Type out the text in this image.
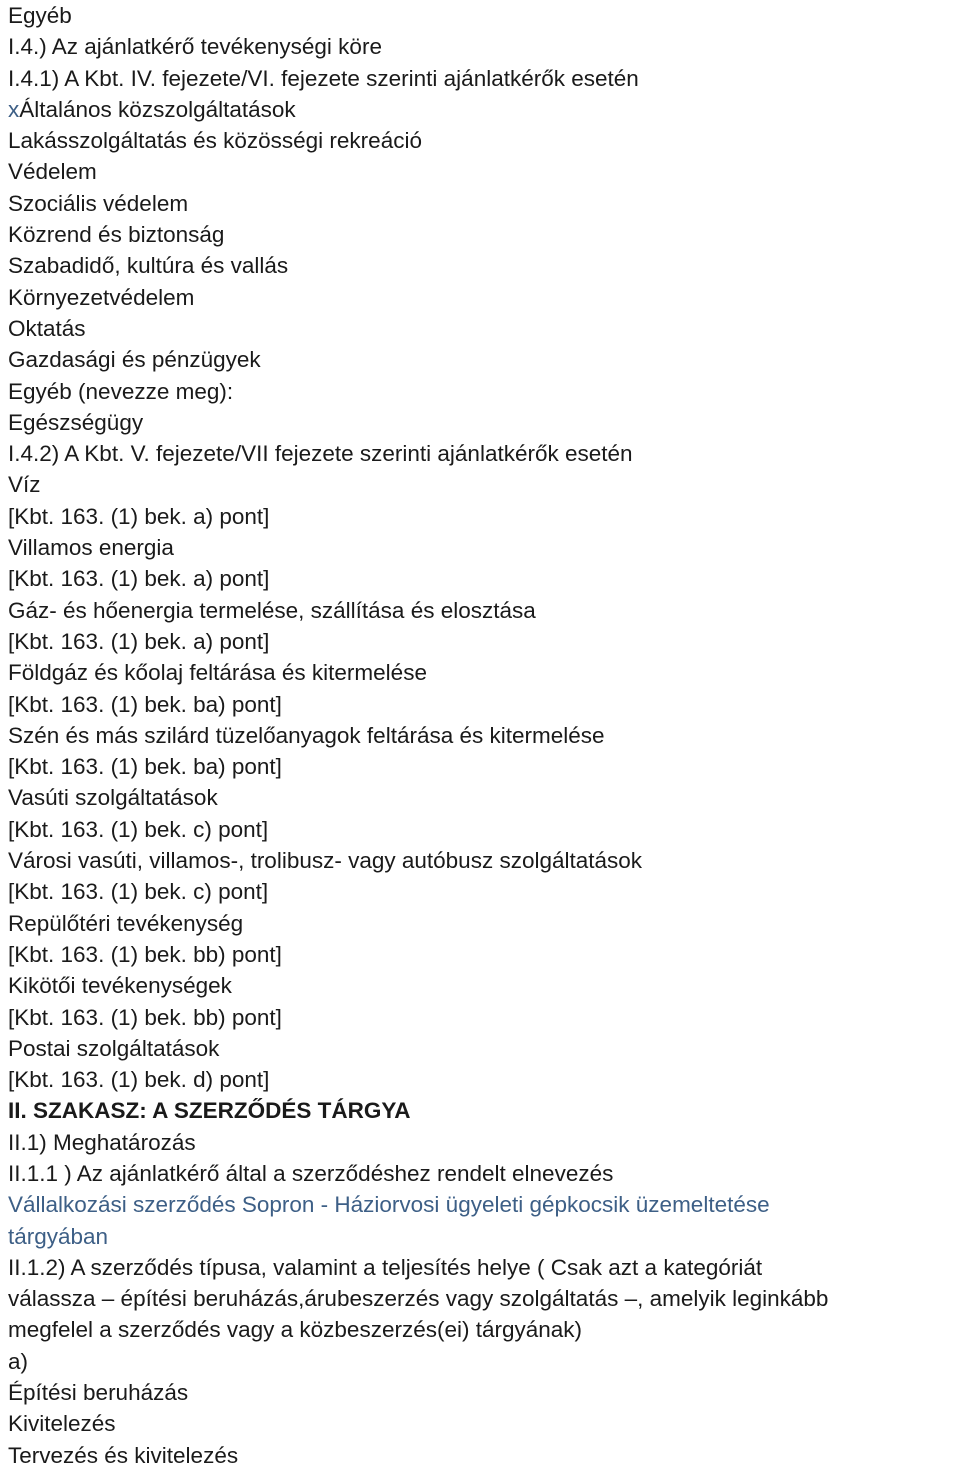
Egyéb
I.4.) Az ajánlatkérő tevékenységi köre
I.4.1) A Kbt. IV. fejezete/VI. fejezete szerinti ajánlatkérők esetén
xÁltalános közszolgáltatások
Lakásszolgáltatás és közösségi rekreáció
Védelem
Szociális védelem
Közrend és biztonság
Szabadidő, kultúra és vallás
Környezetvédelem
Oktatás
Gazdasági és pénzügyek
Egyéb (nevezze meg):
Egészségügy
I.4.2) A Kbt. V. fejezete/VII fejezete szerinti ajánlatkérők esetén
Víz
[Kbt. 163. (1) bek. a) pont]
Villamos energia
[Kbt. 163. (1) bek. a) pont]
Gáz- és hőenergia termelése, szállítása és elosztása
[Kbt. 163. (1) bek. a) pont]
Földgáz és kőolaj feltárása és kitermelése
[Kbt. 163. (1) bek. ba) pont]
Szén és más szilárd tüzelőanyagok feltárása és kitermelése
[Kbt. 163. (1) bek. ba) pont]
Vasúti szolgáltatások
[Kbt. 163. (1) bek. c) pont]
Városi vasúti, villamos-, trolibusz- vagy autóbusz szolgáltatások
[Kbt. 163. (1) bek. c) pont]
Repülőtéri tevékenység
[Kbt. 163. (1) bek. bb) pont]
Kikötői tevékenységek
[Kbt. 163. (1) bek. bb) pont]
Postai szolgáltatások
[Kbt. 163. (1) bek. d) pont]
II. SZAKASZ: A SZERZŐDÉS TÁRGYA
II.1) Meghatározás
II.1.1 ) Az ajánlatkérő által a szerződéshez rendelt elnevezés
Vállalkozási szerződés Sopron - Háziorvosi ügyeleti gépkocsik üzemeltetése
tárgyában
II.1.2) A szerződés típusa, valamint a teljesítés helye ( Csak azt a kategóriát
válassza – építési beruházás,árubeszerzés vagy szolgáltatás –, amelyik leginkább
megfelel a szerződés vagy a közbeszerzés(ei) tárgyának)
a)
Építési beruházás
Kivitelezés
Tervezés és kivitelezés
